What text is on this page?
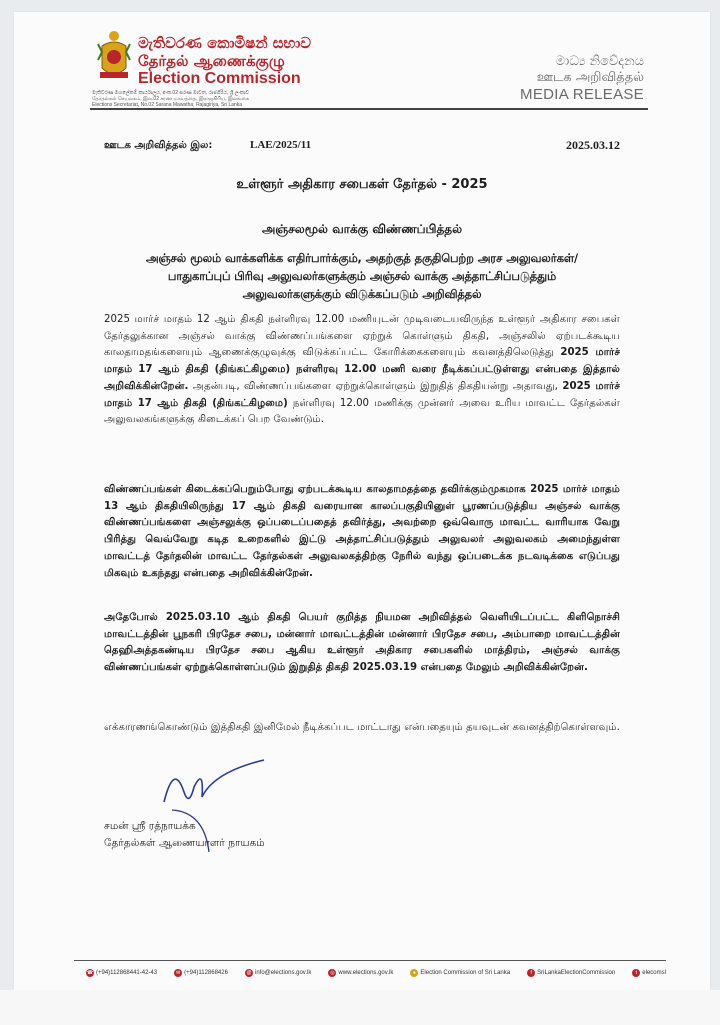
මැතිවරණ කොමිෂන් සභාව
தேர்தல் ஆணைக்குழு
Election Commission
මැතිවරණ මහලේකම් කාර්යාලය, අංක.02 සරණ මාවත, රාජගිරිය, ශ්‍රී ලංකාව
தேர்தல்கள் செயலகம், இல.02 சரண மாவத்தை, இராஜகிரிய, இலங்கை
Elections Secretariat, No.02 Sarana Mawatha, Rajagiriya, Sri Lanka
මාධ්‍ය නිවේදනය
ஊடக அறிவித்தல்
MEDIA RELEASE
ஊடக அறிவித்தல் இல:	LAE/2025/11	2025.03.12
உள்ளூர் அதிகார சபைகள் தேர்தல் - 2025
அஞ்சலமூல் வாக்கு விண்ணப்பித்தல்
அஞ்சல் மூலம் வாக்களிக்க எதிர்பார்க்கும், அதற்குத் தகுதிபெற்ற அரச அலுவலர்கள்/ பாதுகாப்புப் பிரிவு அலுவலர்களுக்கும் அஞ்சல் வாக்கு அத்தாட்சிப்படுத்தும் அலுவலர்களுக்கும் விடுக்கப்படும் அறிவித்தல்

2025 மார்ச் மாதம் 12 ஆம் திகதி நள்ளிரவு 12.00 மணியுடன் முடிவடையவிருந்த உள்ளூர் அதிகார சபைகள் தேர்தலுக்கான அஞ்சல் வாக்கு விண்ணப்பங்களை ஏற்றுக் கொள்ளும் திகதி, அஞ்சலில் ஏற்படக்கூடிய காலதாமதங்களையும் ஆணைக்குழுவுக்கு விடுக்கப்பட்ட கோரிக்கைகளையும் கவனத்திலெடுத்து 2025 மார்ச் மாதம் 17 ஆம் திகதி (திங்கட்கிழமை) நள்ளிரவு 12.00 மணி வரை நீடிக்கப்பட்டுள்ளது என்பதை இத்தால் அறிவிக்கின்றேன். அதன்படி, விண்ணப்பங்களை ஏற்றுக்கொள்ளும் இறுதித் திகதியன்று அதாவது, 2025 மார்ச் மாதம் 17 ஆம் திகதி (திங்கட்கிழமை) நள்ளிரவு 12.00 மணிக்கு முன்னர் அவை உரிய மாவட்ட தேர்தல்கள் அலுவலகங்களுக்கு கிடைக்கப் பெற வேண்டும்.

விண்ணப்பங்கள் கிடைக்கப்பெறும்போது ஏற்படக்கூடிய காலதாமதத்தை தவிர்க்கும்முகமாக 2025 மார்ச் மாதம் 13 ஆம் திகதியிலிருந்து 17 ஆம் திகதி வரையான காலப்பகுதியினுள் பூரணப்படுத்திய அஞ்சல் வாக்கு விண்ணப்பங்களை அஞ்சலுக்கு ஒப்படைப்பதைத் தவிர்த்து, அவற்றை ஒவ்வொரு மாவட்ட வாரியாக வேறு பிரித்து வெவ்வேறு கடித உறைகளில் இட்டு அத்தாட்சிப்படுத்தும் அலுவலர் அலுவலகம் அமைந்துள்ள மாவட்டத் தேர்தலின் மாவட்ட தேர்தல்கள் அலுவலகத்திற்கு நேரில் வந்து ஒப்படைக்க நடவடிக்கை எடுப்பது மிகவும் உகந்தது என்பதை அறிவிக்கின்றேன்.

அதேபோல் 2025.03.10 ஆம் திகதி பெயர் குறித்த நியமன அறிவித்தல் வெளியிடப்பட்ட கிளிநொச்சி மாவட்டத்தின் பூநகரி பிரதேச சபை, மன்னார் மாவட்டத்தின் மன்னார் பிரதேச சபை, அம்பாறை மாவட்டத்தின் தெஹிஅத்தகண்டிய பிரதேச சபை ஆகிய உள்ளூர் அதிகார சபைகளில் மாத்திரம், அஞ்சல் வாக்கு விண்ணப்பங்கள் ஏற்றுக்கொள்ளப்படும் இறுதித் திகதி 2025.03.19 என்பதை மேலும் அறிவிக்கின்றேன்.

எக்காரணங்கொண்டும் இத்திகதி இனிமேல் நீடிக்கப்பட மாட்டாது என்பதையும் தயவுடன் கவனத்திற்கொள்ளவும்.

சமன் ஸ்ரீ ரத்நாயக்க
தேர்தல்கள் ஆணையாளர் நாயகம்
☎ (+94)112868441-42-43	✉ (+94)112868426	@ info@elections.gov.lk	◎ www.elections.gov.lk	● Election Commission of Sri Lanka	f SriLankaElectionCommission	t elecomsl
